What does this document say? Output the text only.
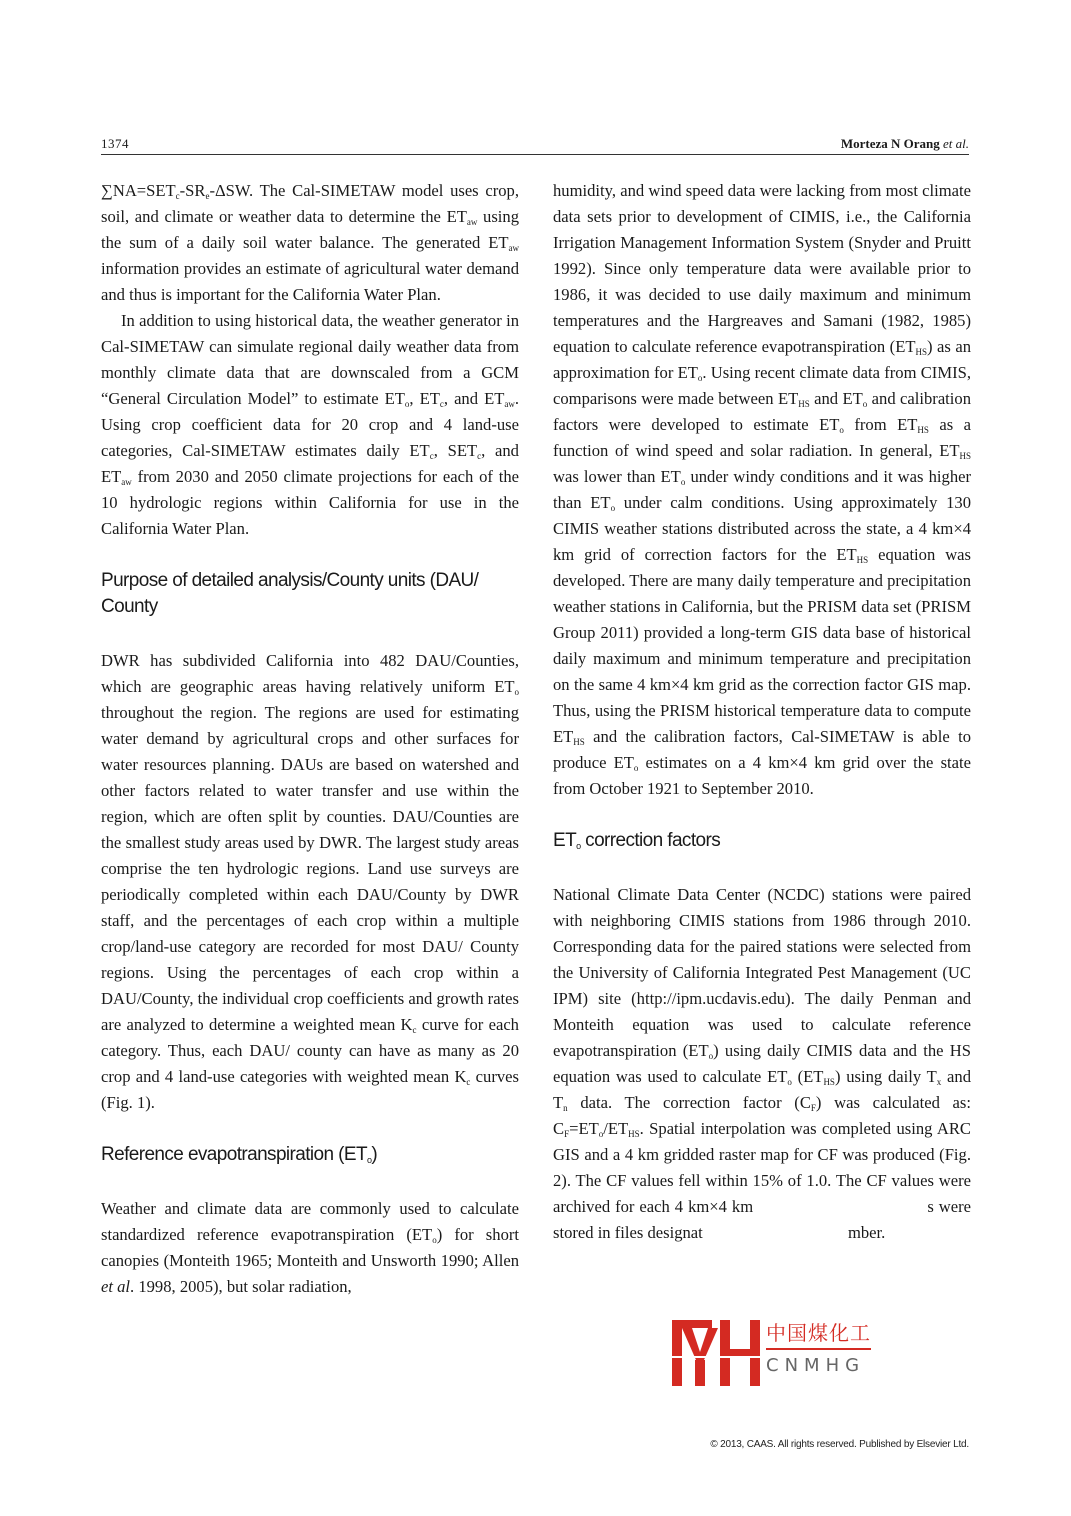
1374	Morteza N Orang et al.

$\sum NA=SET_c-SR_e$-ΔSW. The Cal-SIMETAW model uses crop, soil, and climate or weather data to determine the $ET_{aw}$ using the sum of a daily soil water balance. The generated $ET_{aw}$ information provides an estimate of agricultural water demand and thus is important for the California Water Plan.

In addition to using historical data, the weather generator in Cal-SIMETAW can simulate regional daily weather data from monthly climate data that are downscaled from a GCM “General Circulation Model” to estimate $ET_o$, $ET_c$, and $ET_{aw}$. Using crop coefficient data for 20 crop and 4 land-use categories, Cal-SIMETAW estimates daily $ET_c$, $SET_c$, and $ET_{aw}$ from 2030 and 2050 climate projections for each of the 10 hydrologic regions within California for use in the California Water Plan.

Purpose of detailed analysis/County units (DAU/ County

DWR has subdivided California into 482 DAU/Counties, which are geographic areas having relatively uniform $ET_o$ throughout the region. The regions are used for estimating water demand by agricultural crops and other surfaces for water resources planning. DAUs are based on watershed and other factors related to water transfer and use within the region, which are often split by counties. DAU/Counties are the smallest study areas used by DWR. The largest study areas comprise the ten hydrologic regions. Land use surveys are periodically completed within each DAU/County by DWR staff, and the percentages of each crop within a multiple crop/land-use category are recorded for most DAU/ County regions. Using the percentages of each crop within a DAU/County, the individual crop coefficients and growth rates are analyzed to determine a weighted mean $K_c$ curve for each category. Thus, each DAU/ county can have as many as 20 crop and 4 land-use categories with weighted mean $K_c$ curves (Fig. 1).

Reference evapotranspiration $(ET_o)$

Weather and climate data are commonly used to calculate standardized reference evapotranspiration $(ET_o)$ for short canopies (Monteith 1965; Monteith and Unsworth 1990; Allen et al. 1998, 2005), but solar radiation,

humidity, and wind speed data were lacking from most climate data sets prior to development of CIMIS, i.e., the California Irrigation Management Information System (Snyder and Pruitt 1992). Since only temperature data were available prior to 1986, it was decided to use daily maximum and minimum temperatures and the Hargreaves and Samani (1982, 1985) equation to calculate reference evapotranspiration $(ET_{HS})$ as an approximation for $ET_o$. Using recent climate data from CIMIS, comparisons were made between $ET_{HS}$ and $ET_o$ and calibration factors were developed to estimate $ET_o$ from $ET_{HS}$ as a function of wind speed and solar radiation. In general, $ET_{HS}$ was lower than $ET_o$ under windy conditions and it was higher than $ET_o$ under calm conditions. Using approximately 130 CIMIS weather stations distributed across the state, a 4 km×4 km grid of correction factors for the $ET_{HS}$ equation was developed. There are many daily temperature and precipitation weather stations in California, but the PRISM data set (PRISM Group 2011) provided a long-term GIS data base of historical daily maximum and minimum temperature and precipitation on the same 4 km×4 km grid as the correction factor GIS map. Thus, using the PRISM historical temperature data to compute $ET_{HS}$ and the calibration factors, Cal-SIMETAW is able to produce $ET_o$ estimates on a 4 km×4 km grid over the state from October 1921 to September 2010.

$ET_o$ correction factors

National Climate Data Center (NCDC) stations were paired with neighboring CIMIS stations from 1986 through 2010. Corresponding data for the paired stations were selected from the University of California Integrated Pest Management (UC IPM) site (http://ipm.ucdavis.edu). The daily Penman and Monteith equation was used to calculate reference evapotranspiration $(ET_o)$ using daily CIMIS data and the HS equation was used to calculate $ET_o$ $(ET_{HS})$ using daily $T_x$ and $T_n$ data. The correction factor $(C_F)$ was calculated as: $C_F=ET_o/ET_{HS}$. Spatial interpolation was completed using ARC GIS and a 4 km gridded raster map for CF was produced (Fig. 2). The CF values fell within 15% of 1.0. The CF values were archived for each 4 km×4 km                                   s were stored in files designat                                   mber.

中国煤化工
CNMHG
© 2013, CAAS. All rights reserved. Published by Elsevier Ltd.
